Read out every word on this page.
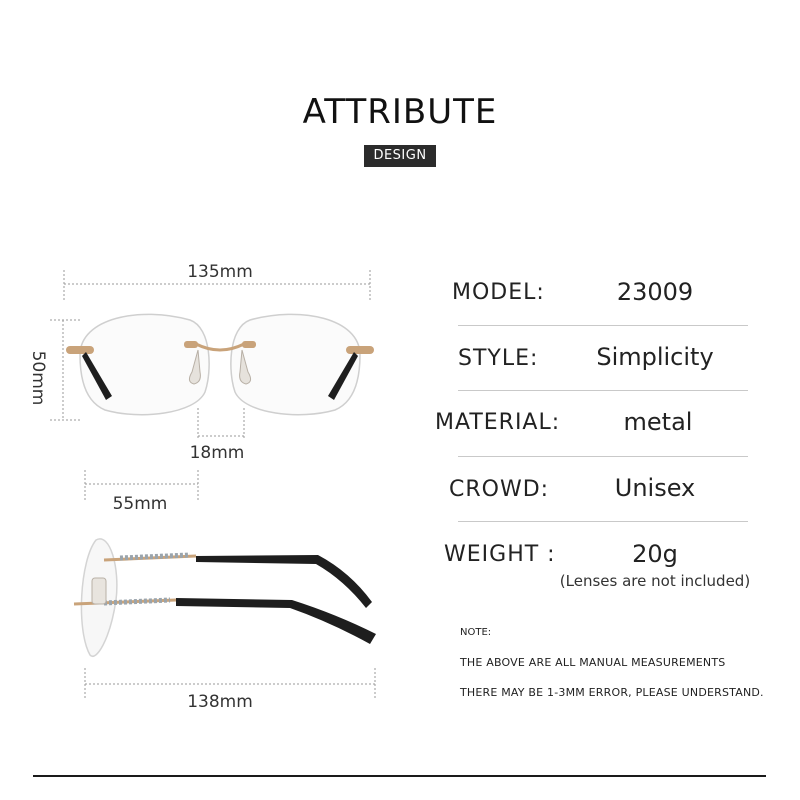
ATTRIBUTE
DESIGN
135mm
50mm
18mm
55mm
138mm
MODEL:	23009
STYLE:	Simplicity
MATERIAL:	metal
CROWD:	Unisex
WEIGHT :	20g
(Lenses are not included)
NOTE:
THE ABOVE ARE ALL MANUAL MEASUREMENTS
THERE MAY BE 1-3MM ERROR, PLEASE UNDERSTAND.
